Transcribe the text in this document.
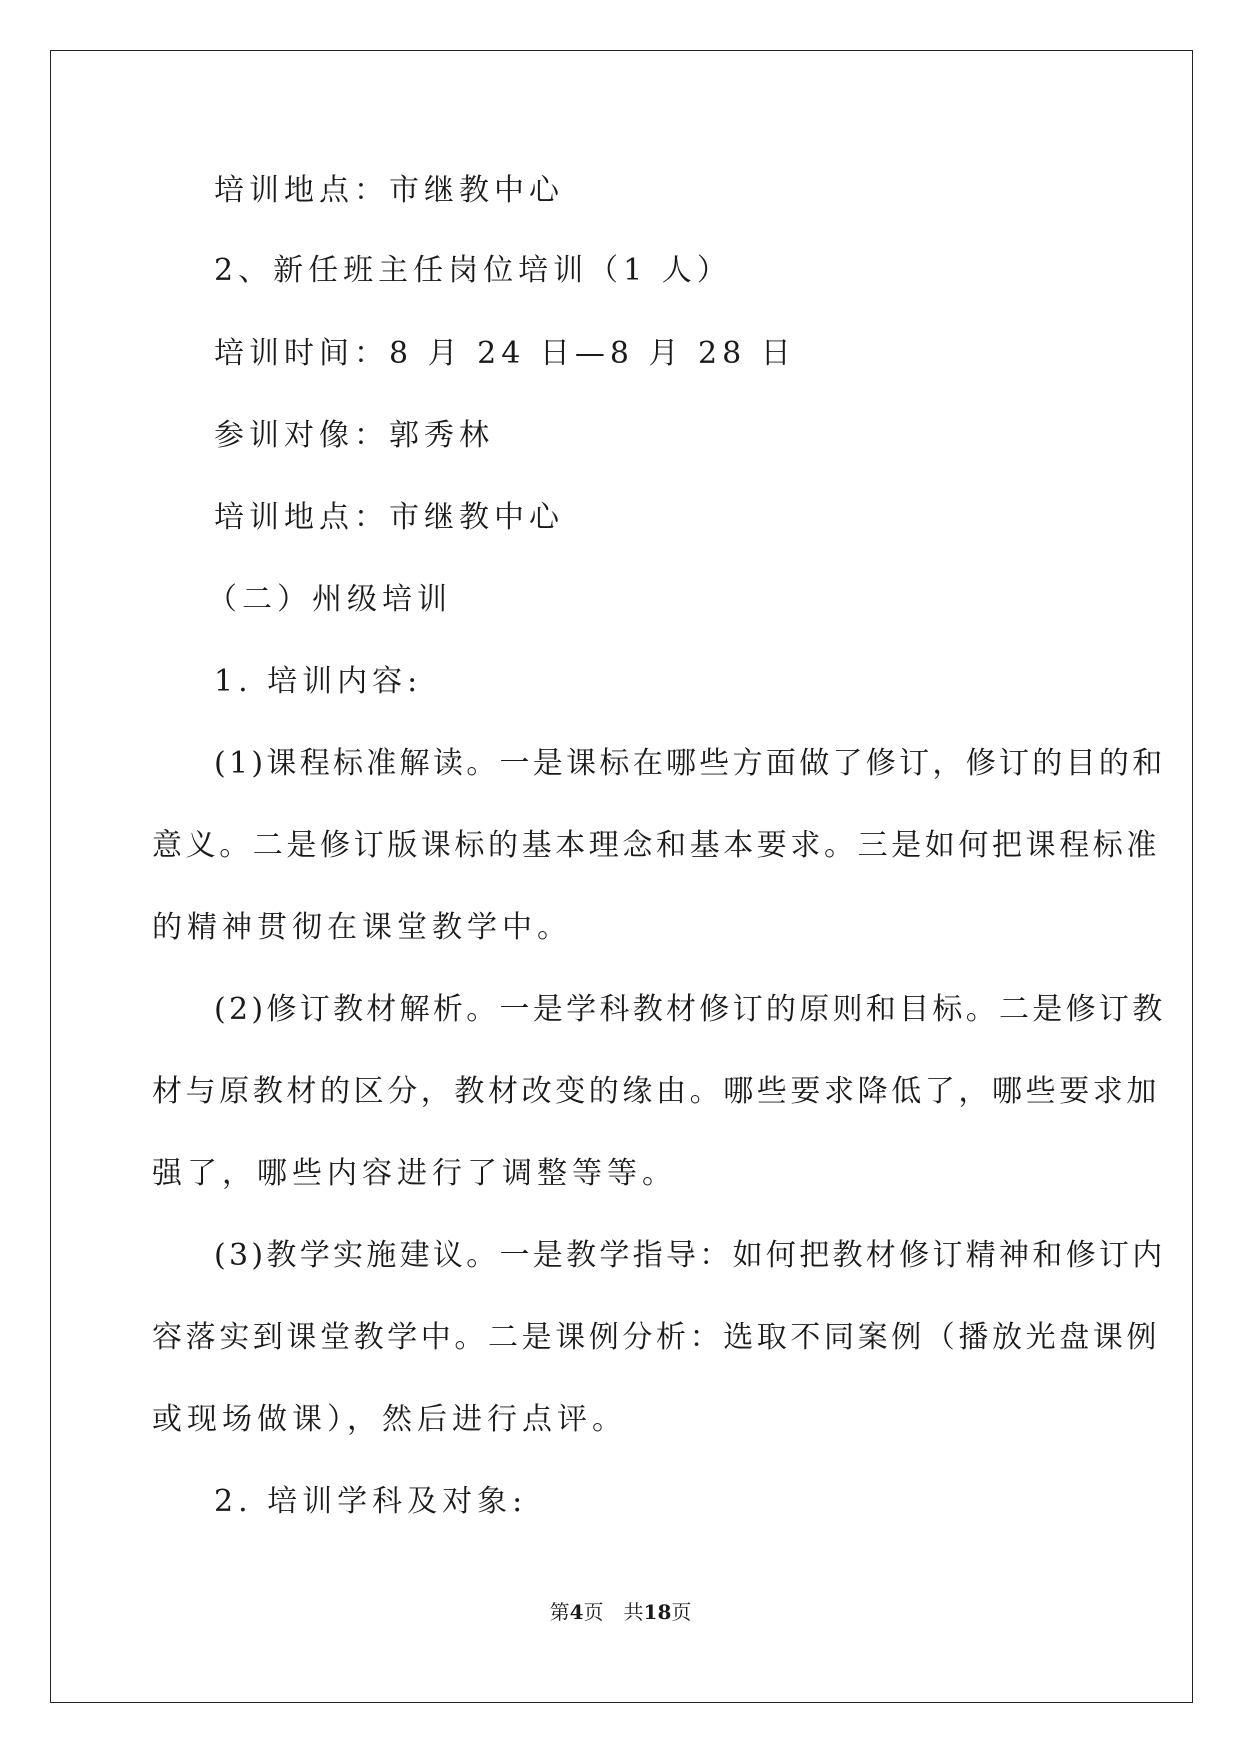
培训地点：市继教中心
2、新任班主任岗位培训（1 人）
培训时间：8 月 24 日—8 月 28 日
参训对像：郭秀林
培训地点：市继教中心
（二）州级培训
1. 培训内容:
(1)课程标准解读。一是课标在哪些方面做了修订，修订的目的和
意义。二是修订版课标的基本理念和基本要求。三是如何把课程标准
的精神贯彻在课堂教学中。
(2)修订教材解析。一是学科教材修订的原则和目标。二是修订教
材与原教材的区分，教材改变的缘由。哪些要求降低了，哪些要求加
强了，哪些内容进行了调整等等。
(3)教学实施建议。一是教学指导：如何把教材修订精神和修订内
容落实到课堂教学中。二是课例分析：选取不同案例（播放光盘课例
或现场做课），然后进行点评。
2. 培训学科及对象:
第4页　共18页
